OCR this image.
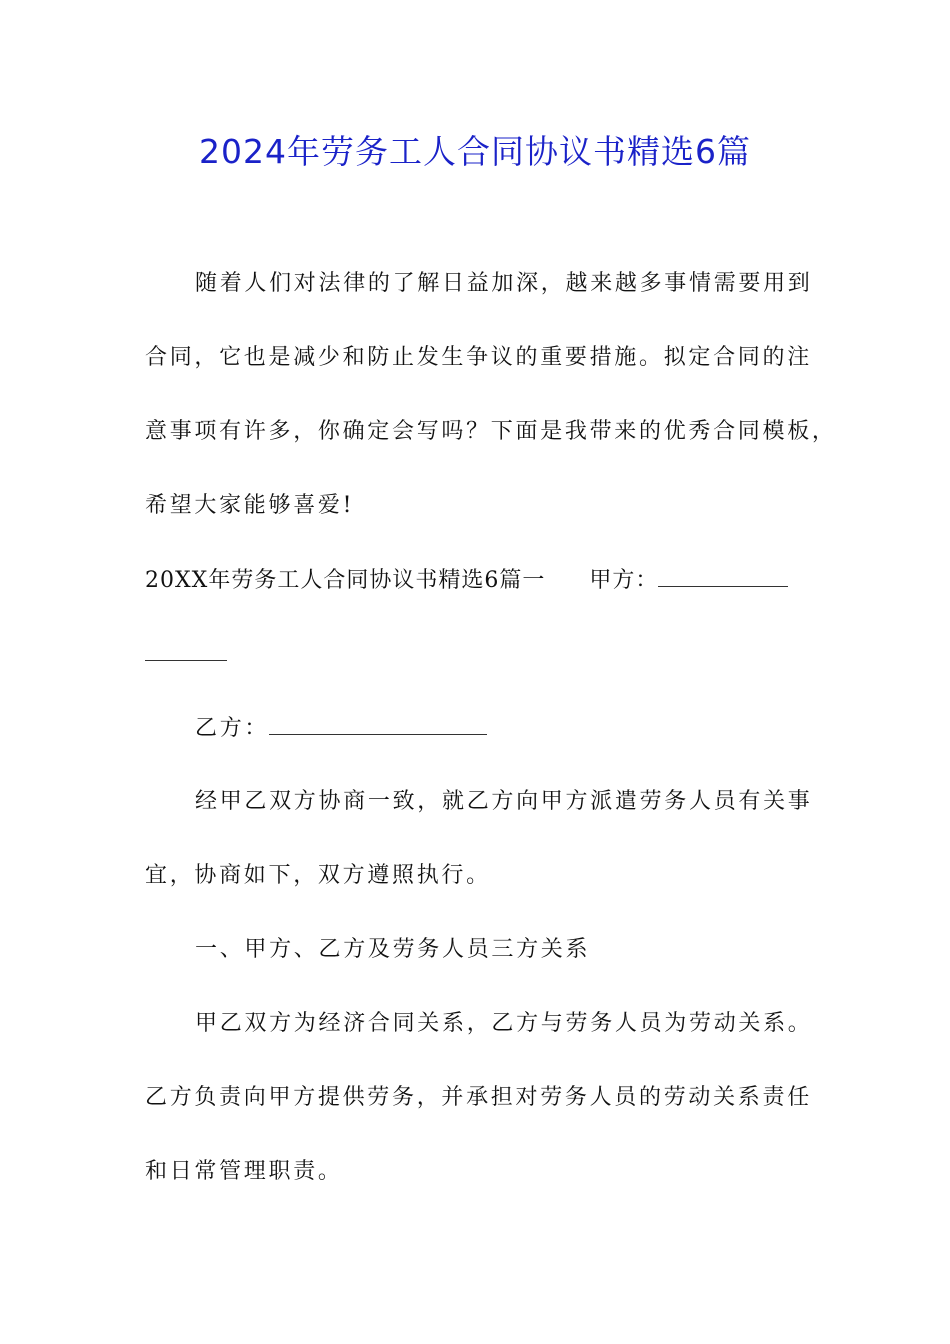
2024年劳务工人合同协议书精选6篇
随着人们对法律的了解日益加深，越来越多事情需要用到
合同，它也是减少和防止发生争议的重要措施。拟定合同的注
意事项有许多，你确定会写吗？下面是我带来的优秀合同模板，
希望大家能够喜爱!
20XX年劳务工人合同协议书精选6篇一 甲方：
乙方：
经甲乙双方协商一致，就乙方向甲方派遣劳务人员有关事
宜，协商如下，双方遵照执行。
一、甲方、乙方及劳务人员三方关系
甲乙双方为经济合同关系，乙方与劳务人员为劳动关系。
乙方负责向甲方提供劳务，并承担对劳务人员的劳动关系责任
和日常管理职责。
